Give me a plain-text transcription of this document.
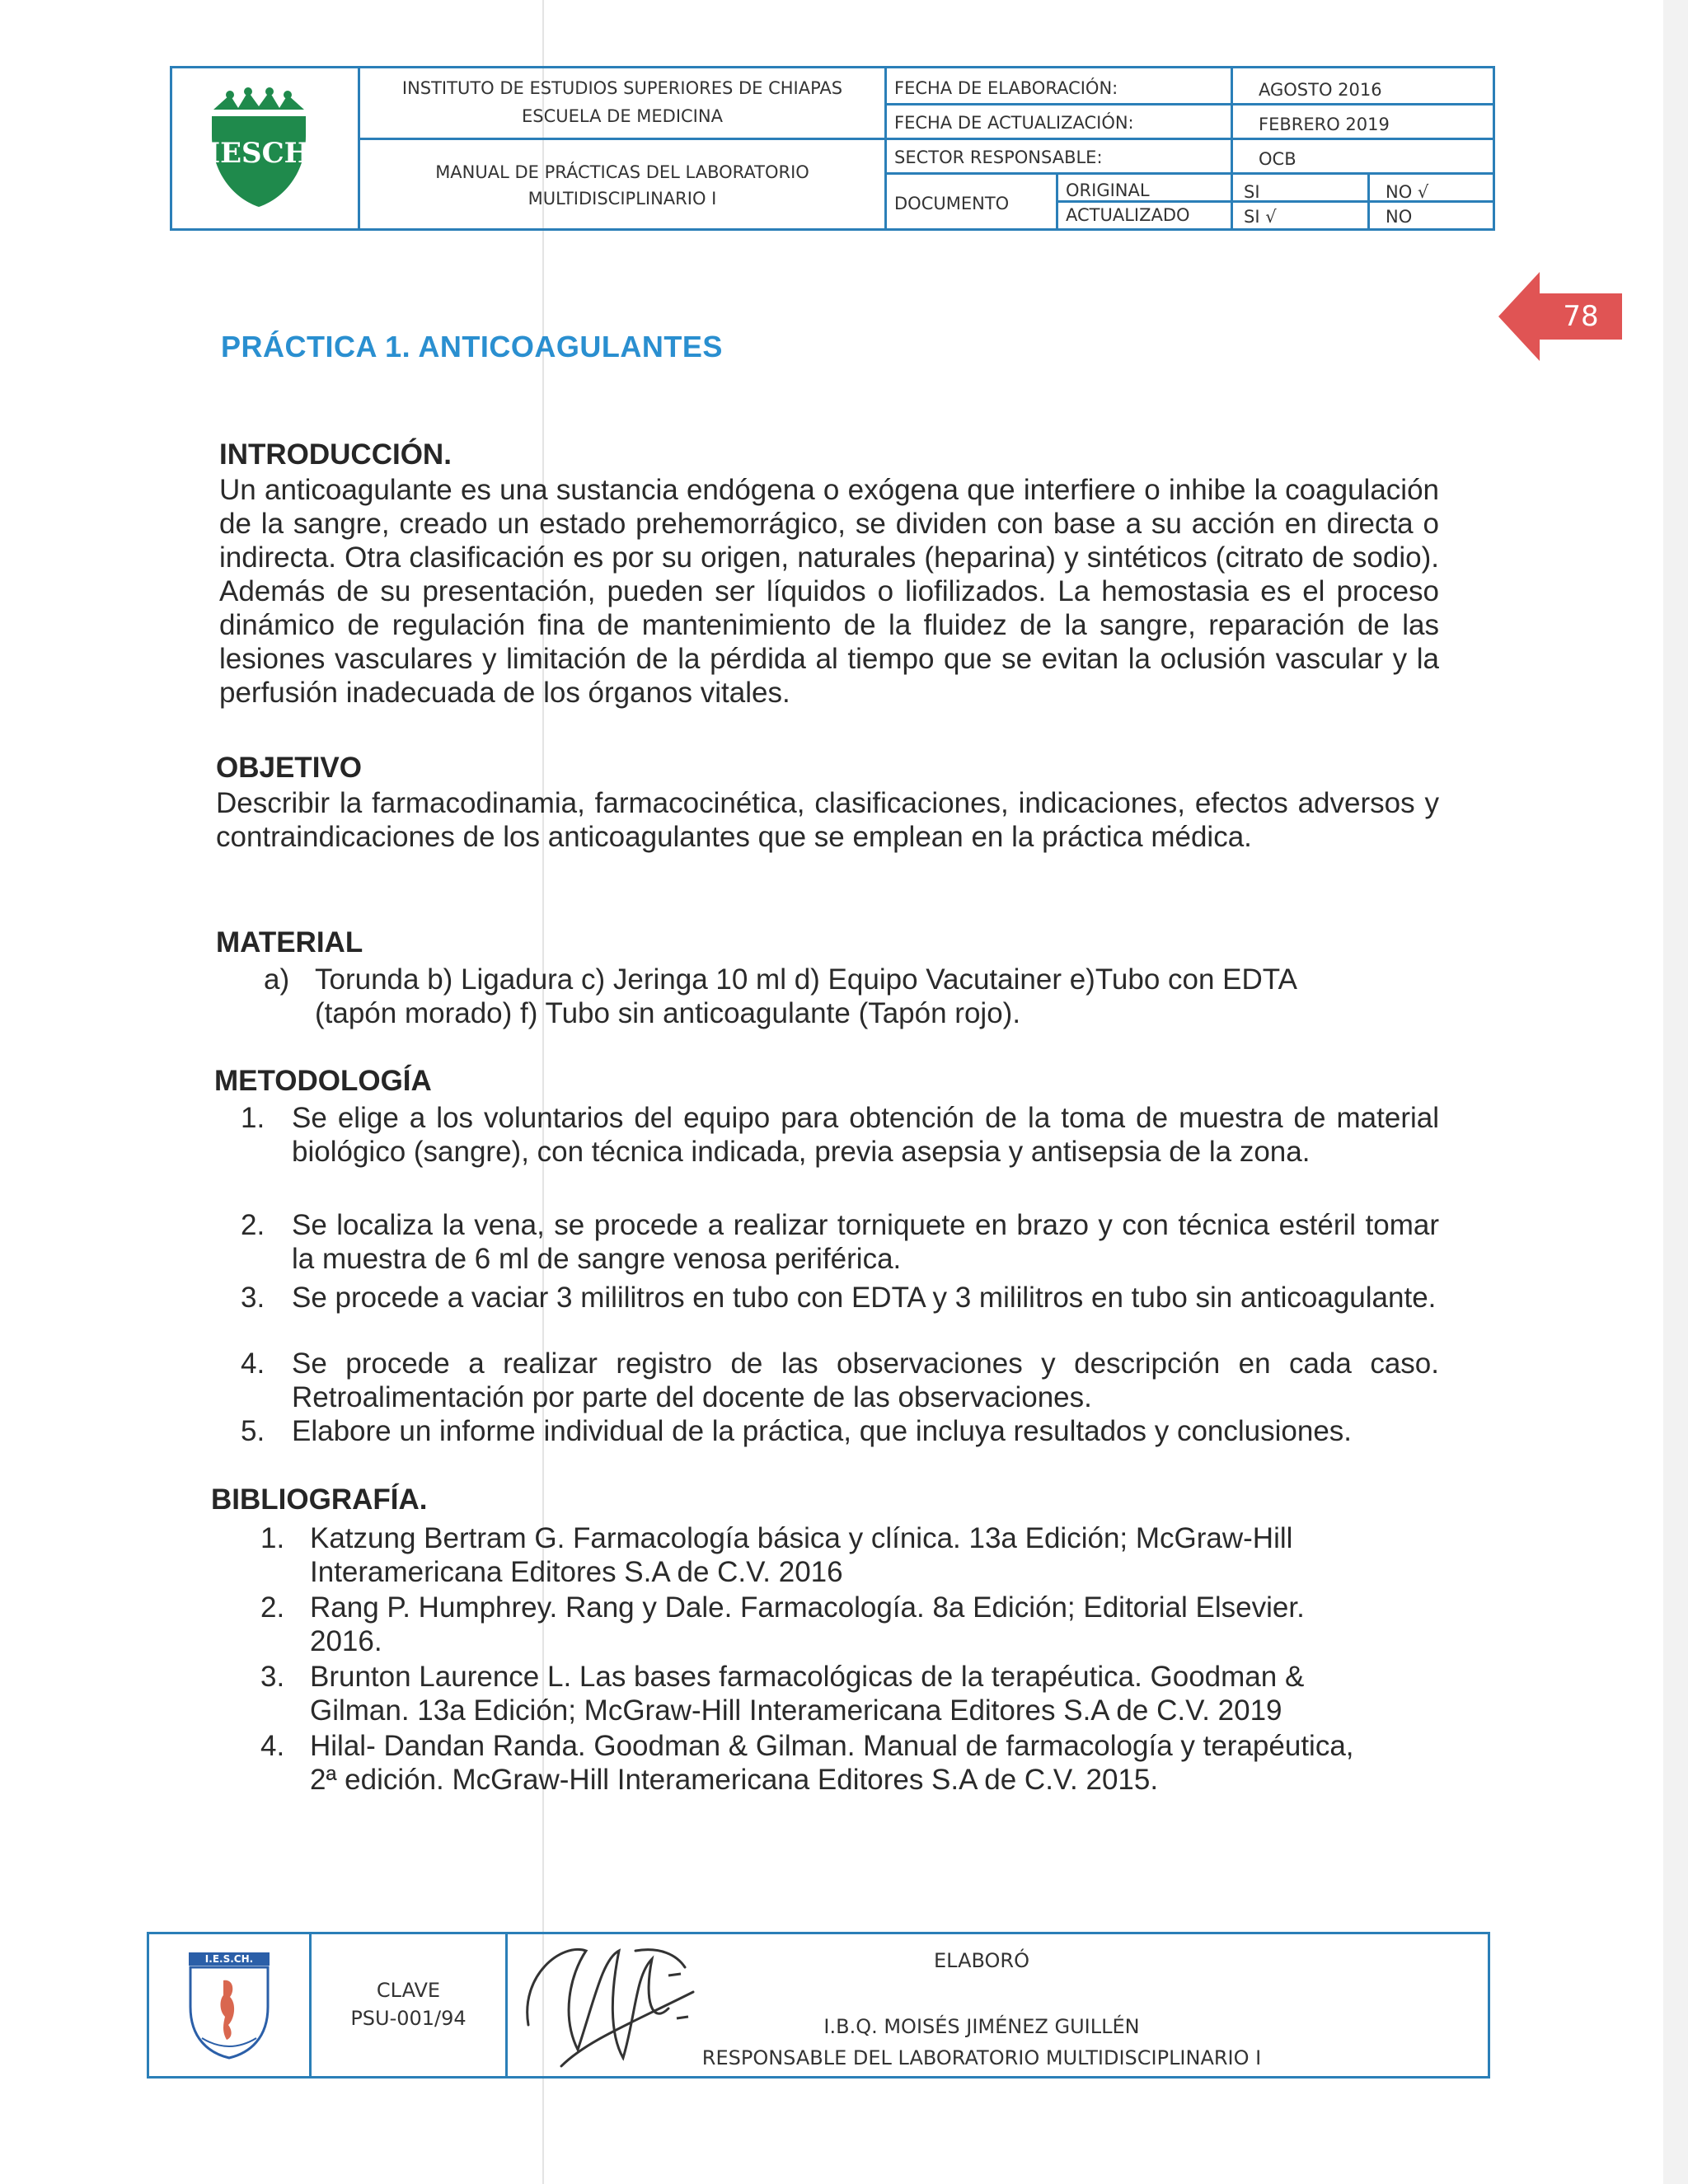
IESCH
INSTITUTO DE ESTUDIOS SUPERIORES DE CHIAPAS
ESCUELA DE MEDICINA
MANUAL DE PRÁCTICAS DEL LABORATORIO
MULTIDISCIPLINARIO I
FECHA DE ELABORACIÓN:	AGOSTO 2016
FECHA DE ACTUALIZACIÓN:	FEBRERO 2019
SECTOR RESPONSABLE:	OCB
DOCUMENTO
ORIGINAL	SI	NO √
ACTUALIZADO	SI √	NO
78
PRÁCTICA 1. ANTICOAGULANTES
INTRODUCCIÓN.
Un anticoagulante es una sustancia endógena o exógena que interfiere o inhibe la coagulación de la sangre, creado un estado prehemorrágico, se dividen con base a su acción en directa o indirecta. Otra clasificación es por su origen, naturales (heparina) y sintéticos (citrato de sodio). Además de su presentación, pueden ser líquidos o liofilizados. La hemostasia es el proceso dinámico de regulación fina de mantenimiento de la fluidez de la sangre, reparación de las lesiones vasculares y limitación de la pérdida al tiempo que se evitan la oclusión vascular y la perfusión inadecuada de los órganos vitales.
OBJETIVO
Describir la farmacodinamia, farmacocinética, clasificaciones, indicaciones, efectos adversos y contraindicaciones de los anticoagulantes que se emplean en la práctica médica.
MATERIAL
a) Torunda b) Ligadura c) Jeringa 10 ml d) Equipo Vacutainer e)Tubo con EDTA
(tapón morado) f) Tubo sin anticoagulante (Tapón rojo).
METODOLOGÍA
1. Se elige a los voluntarios del equipo para obtención de la toma de muestra de material biológico (sangre), con técnica indicada, previa asepsia y antisepsia de la zona.
2. Se localiza la vena, se procede a realizar torniquete en brazo y con técnica estéril tomar la muestra de 6 ml de sangre venosa periférica.
3. Se procede a vaciar 3 mililitros en tubo con EDTA y 3 mililitros en tubo sin anticoagulante.
4. Se procede a realizar registro de las observaciones y descripción en cada caso. Retroalimentación por parte del docente de las observaciones.
5. Elabore un informe individual de la práctica, que incluya resultados y conclusiones.
BIBLIOGRAFÍA.
1. Katzung Bertram G. Farmacología básica y clínica. 13a Edición; McGraw-Hill
Interamericana Editores S.A de C.V. 2016
2. Rang P. Humphrey. Rang y Dale. Farmacología. 8a Edición; Editorial Elsevier.
2016.
3. Brunton Laurence L. Las bases farmacológicas de la terapéutica. Goodman &
Gilman. 13a Edición; McGraw-Hill Interamericana Editores S.A de C.V. 2019
4. Hilal- Dandan Randa. Goodman & Gilman. Manual de farmacología y terapéutica,
2ª edición. McGraw-Hill Interamericana Editores S.A de C.V. 2015.
I.E.S.CH.
CLAVE
PSU-001/94
ELABORÓ
I.B.Q. MOISÉS JIMÉNEZ GUILLÉN
RESPONSABLE DEL LABORATORIO MULTIDISCIPLINARIO I
